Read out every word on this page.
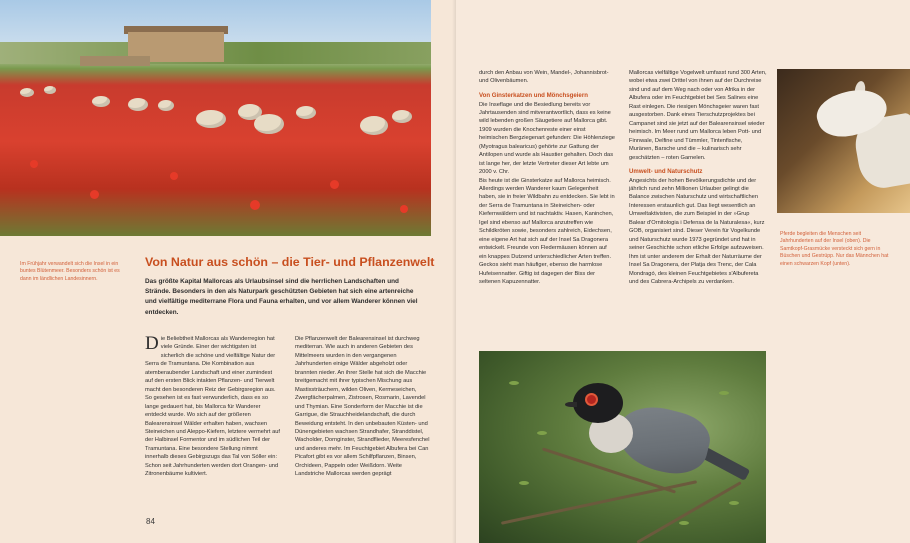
Im Frühjahr verwandelt sich die Insel in ein buntes Blütenmeer. Besonders schön ist es dann im ländlichen Landesinnern.
Von Natur aus schön – die Tier- und Pflanzenwelt
Das größte Kapital Mallorcas als Urlaubsinsel sind die herrlichen Landschaften und Strände. Besonders in den als Naturpark geschützten Gebieten hat sich eine artenreiche und vielfältige mediterrane Flora und Fauna erhalten, und vor allem Wanderer können viel entdecken.
D ie Beliebtheit Mallorcas als Wanderregion hat viele Gründe. Einer der wichtigsten ist sicherlich die schöne und vielfältige Natur der Serra de Tramuntana. Die Kombination aus atemberaubender Landschaft und einer zumindest auf den ersten Blick intakten Pflanzen- und Tierwelt macht den besonderen Reiz der Gebirgsregion aus. So gesehen ist es fast verwunderlich, dass es so lange gedauert hat, bis Mallorca für Wanderer entdeckt wurde. Wo sich auf der größeren Balearensinsel Wälder erhalten haben, wachsen Steineichen und Aleppo-Kiefern, letztere vermehrt auf der Halbinsel Formentor und im südlichen Teil der Tramuntana. Eine besondere Stellung nimmt innerhalb dieses Gebirgszugs das Tal von Sóller ein: Schon seit Jahrhunderten werden dort Orangen- und Zitronenbäume kultiviert.

Die Pflanzenwelt der Balearensinsel ist durchweg mediterran. Wie auch in anderen Gebieten des Mittelmeers wurden in den vergangenen Jahrhunderten einige Wälder abgeholzt oder brannten nieder. An ihrer Stelle hat sich die Macchie breitgemacht mit ihrer typischen Mischung aus Mastixsträuchern, wilden Oliven, Kermeseichen, Zwergfächerpalmen, Zistrosen, Rosmarin, Lavendel und Thymian. Eine Sonderform der Macchie ist die Garrigue, die Strauchheidelandschaft, die durch Beweidung entsteht. In den unbebauten Küsten- und Dünengebieten wachsen Strandhafer, Stranddistel, Wacholder, Dornginster, Strandflieder, Meeresfenchel und anderes mehr. Im Feuchtgebiet Albufera bei Can Picafort gibt es vor allem Schilfpflanzen, Binsen, Orchideen, Pappeln oder Weißdorn. Weite Landstriche Mallorcas werden geprägt

84

durch den Anbau von Wein, Mandel-, Johannisbrot- und Olivenbäumen.

Von Ginsterkatzen und Mönchsgeiern

Die Inseflage und die Besiedlung bereits vor Jahrtausenden sind mitverantwortlich, dass es keine wild lebenden großen Säugetiere auf Mallorca gibt. 1909 wurden die Knochenreste einer einst heimischen Bergziegenart gefunden: Die Höhlenziege (Myotragus balearicus) gehörte zur Gattung der Antilopen und wurde als Haustier gehalten. Doch das ist lange her, der letzte Vertreter dieser Art lebte um 2000 v. Chr.

Bis heute ist die Ginsterkatze auf Mallorca heimisch. Allerdings werden Wanderer kaum Gelegenheit haben, sie in freier Wildbahn zu entdecken. Sie lebt in der Serra de Tramuntana in Steineichen- oder Kiefernwäldern und ist nachtaktiv. Hasen, Kaninchen, Igel sind ebenso auf Mallorca anzutreffen wie Schildkröten sowie, besonders zahlreich, Eidechsen, eine eigene Art hat sich auf der Insel Sa Dragonera entwickelt. Freunde von Fledermäusen können auf ein knappes Dutzend unterschiedlicher Arten treffen. Geckos sieht man häufiger, ebenso die harmlose Hufeisennatter. Giftig ist dagegen der Biss der seltenen Kapuzennatter.

Mallorcas vielfältige Vogelwelt umfasst rund 300 Arten, wobei etwa zwei Drittel von ihnen auf der Durchreise sind und auf dem Weg nach oder von Afrika in der Albufera oder im Feuchtgebiet bei Ses Salines eine Rast einlegen. Die riesigen Mönchsgeier waren fast ausgestorben. Dank eines Tierschutzprojektes bei Campanet sind sie jetzt auf der Balearensinsel wieder heimisch. Im Meer rund um Mallorca leben Pott- und Finnwale, Delfine und Tümmler, Tintenfische, Muränen, Barsche und die – kulinarisch sehr geschätzten – roten Garnelen.

Umwelt- und Naturschutz

Angesichts der hohen Bevölkerungsdichte und der jährlich rund zehn Millionen Urlauber gelingt die Balance zwischen Naturschutz und wirtschaftlichen Interessen erstaunlich gut. Das liegt wesentlich an Umweltaktivisten, die zum Beispiel in der »Grup Balear d'Ornitologia i Defensa de la Naturalesa«, kurz GOB, organisiert sind. Dieser Verein für Vogelkunde und Naturschutz wurde 1973 gegründet und hat in seiner Geschichte schon etliche Erfolge aufzuweisen. Ihm ist unter anderem der Erhalt der Naturräume der Insel Sa Dragonera, der Platja des Trenc, der Cala Mondragó, des kleinen Feuchtgebietes s'Albufereta und des Cabrera-Archipels zu verdanken.

Pferde begleiten die Menschen seit Jahrhunderten auf der Insel (oben). Die Samtkopf-Grasmücke versteckt sich gern in Büschen und Gestrüpp. Nur das Männchen hat einen schwarzen Kopf (unten).
